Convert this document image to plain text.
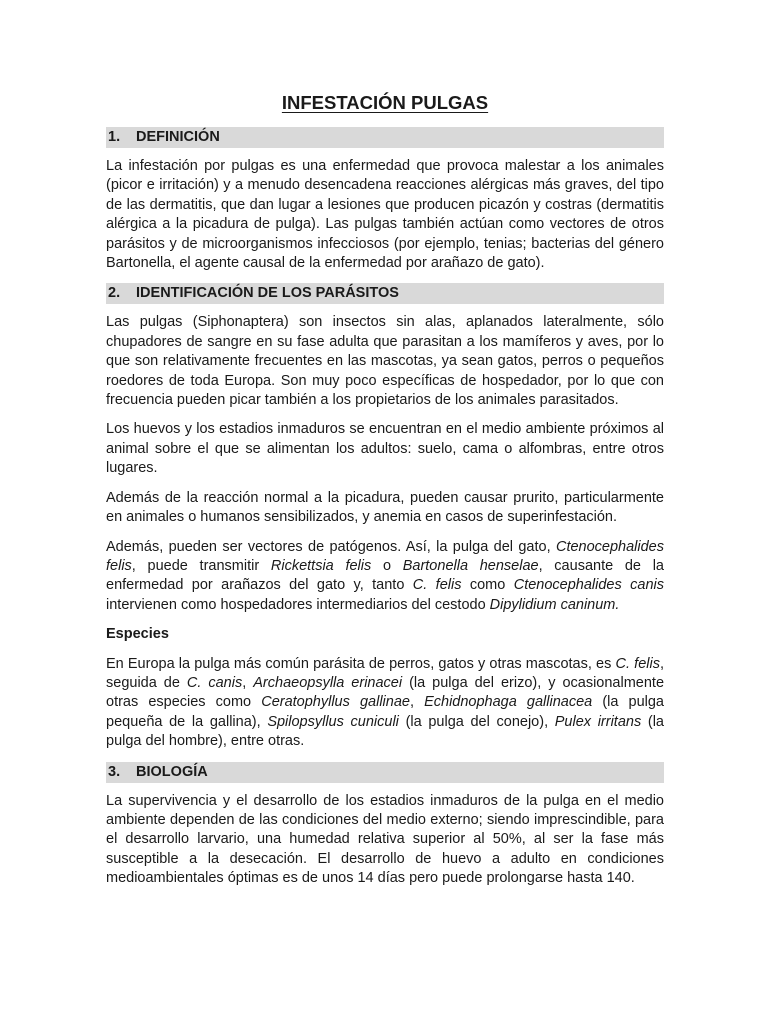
INFESTACIÓN PULGAS
1. DEFINICIÓN

La infestación por pulgas es una enfermedad que provoca malestar a los animales (picor e irritación) y a menudo desencadena reacciones alérgicas más graves, del tipo de las dermatitis, que dan lugar a lesiones que producen picazón y costras (dermatitis alérgica a la picadura de pulga). Las pulgas también actúan como vectores de otros parásitos y de microorganismos infecciosos (por ejemplo, tenias; bacterias del género Bartonella, el agente causal de la enfermedad por arañazo de gato).

2. IDENTIFICACIÓN DE LOS PARÁSITOS

Las pulgas (Siphonaptera) son insectos sin alas, aplanados lateralmente, sólo chupadores de sangre en su fase adulta que parasitan a los mamíferos y aves, por lo que son relativamente frecuentes en las mascotas, ya sean gatos, perros o pequeños roedores de toda Europa. Son muy poco específicas de hospedador, por lo que con frecuencia pueden picar también a los propietarios de los animales parasitados.

Los huevos y los estadios inmaduros se encuentran en el medio ambiente próximos al animal sobre el que se alimentan los adultos: suelo, cama o alfombras, entre otros lugares.

Además de la reacción normal a la picadura, pueden causar prurito, particularmente en animales o humanos sensibilizados, y anemia en casos de superinfestación.

Además, pueden ser vectores de patógenos. Así, la pulga del gato, Ctenocephalides felis, puede transmitir Rickettsia felis o Bartonella henselae, causante de la enfermedad por arañazos del gato y, tanto C. felis como Ctenocephalides canis intervienen como hospedadores intermediarios del cestodo Dipylidium caninum.

Especies

En Europa la pulga más común parásita de perros, gatos y otras mascotas, es C. felis, seguida de C. canis, Archaeopsylla erinacei (la pulga del erizo), y ocasionalmente otras especies como Ceratophyllus gallinae, Echidnophaga gallinacea (la pulga pequeña de la gallina), Spilopsyllus cuniculi (la pulga del conejo), Pulex irritans (la pulga del hombre), entre otras.

3. BIOLOGÍA

La supervivencia y el desarrollo de los estadios inmaduros de la pulga en el medio ambiente dependen de las condiciones del medio externo; siendo imprescindible, para el desarrollo larvario, una humedad relativa superior al 50%, al ser la fase más susceptible a la desecación. El desarrollo de huevo a adulto en condiciones medioambientales óptimas es de unos 14 días pero puede prolongarse hasta 140.
